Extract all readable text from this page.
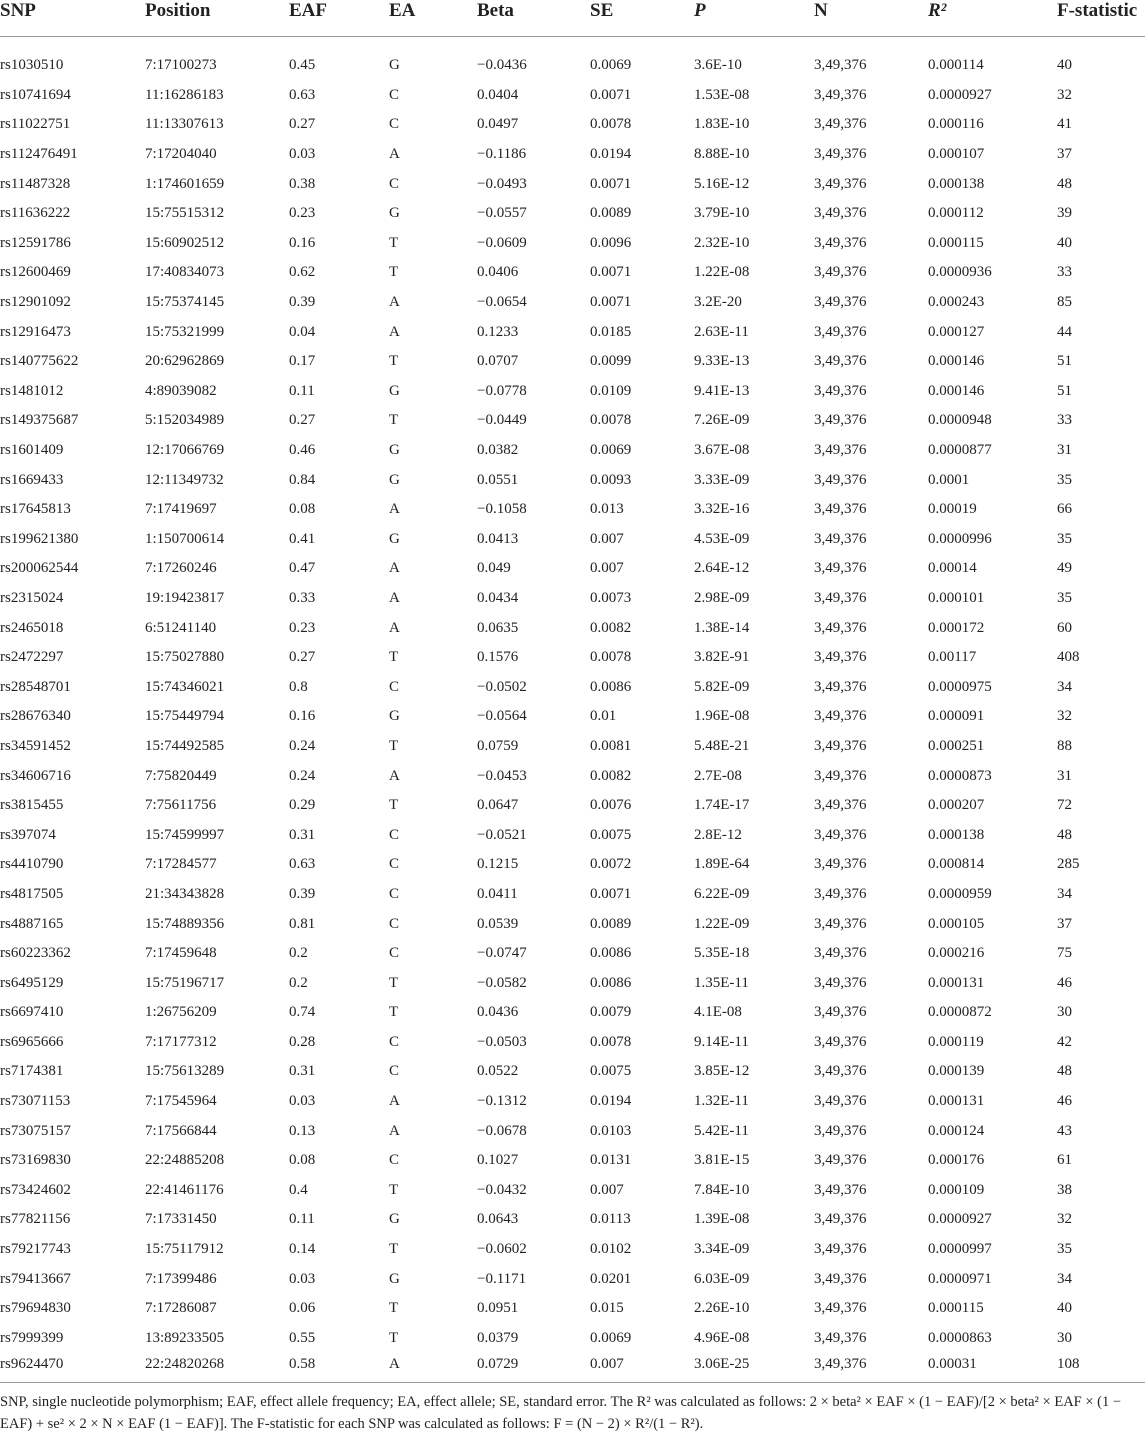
SNP	Position	EAF	EA	Beta	SE	P	N	R²	F-statistic
rs1030510	7:17100273	0.45	G	−0.0436	0.0069	3.6E-10	3,49,376	0.000114	40
rs10741694	11:16286183	0.63	C	0.0404	0.0071	1.53E-08	3,49,376	0.0000927	32
rs11022751	11:13307613	0.27	C	0.0497	0.0078	1.83E-10	3,49,376	0.000116	41
rs112476491	7:17204040	0.03	A	−0.1186	0.0194	8.88E-10	3,49,376	0.000107	37
rs11487328	1:174601659	0.38	C	−0.0493	0.0071	5.16E-12	3,49,376	0.000138	48
rs11636222	15:75515312	0.23	G	−0.0557	0.0089	3.79E-10	3,49,376	0.000112	39
rs12591786	15:60902512	0.16	T	−0.0609	0.0096	2.32E-10	3,49,376	0.000115	40
rs12600469	17:40834073	0.62	T	0.0406	0.0071	1.22E-08	3,49,376	0.0000936	33
rs12901092	15:75374145	0.39	A	−0.0654	0.0071	3.2E-20	3,49,376	0.000243	85
rs12916473	15:75321999	0.04	A	0.1233	0.0185	2.63E-11	3,49,376	0.000127	44
rs140775622	20:62962869	0.17	T	0.0707	0.0099	9.33E-13	3,49,376	0.000146	51
rs1481012	4:89039082	0.11	G	−0.0778	0.0109	9.41E-13	3,49,376	0.000146	51
rs149375687	5:152034989	0.27	T	−0.0449	0.0078	7.26E-09	3,49,376	0.0000948	33
rs1601409	12:17066769	0.46	G	0.0382	0.0069	3.67E-08	3,49,376	0.0000877	31
rs1669433	12:11349732	0.84	G	0.0551	0.0093	3.33E-09	3,49,376	0.0001	35
rs17645813	7:17419697	0.08	A	−0.1058	0.013	3.32E-16	3,49,376	0.00019	66
rs199621380	1:150700614	0.41	G	0.0413	0.007	4.53E-09	3,49,376	0.0000996	35
rs200062544	7:17260246	0.47	A	0.049	0.007	2.64E-12	3,49,376	0.00014	49
rs2315024	19:19423817	0.33	A	0.0434	0.0073	2.98E-09	3,49,376	0.000101	35
rs2465018	6:51241140	0.23	A	0.0635	0.0082	1.38E-14	3,49,376	0.000172	60
rs2472297	15:75027880	0.27	T	0.1576	0.0078	3.82E-91	3,49,376	0.00117	408
rs28548701	15:74346021	0.8	C	−0.0502	0.0086	5.82E-09	3,49,376	0.0000975	34
rs28676340	15:75449794	0.16	G	−0.0564	0.01	1.96E-08	3,49,376	0.000091	32
rs34591452	15:74492585	0.24	T	0.0759	0.0081	5.48E-21	3,49,376	0.000251	88
rs34606716	7:75820449	0.24	A	−0.0453	0.0082	2.7E-08	3,49,376	0.0000873	31
rs3815455	7:75611756	0.29	T	0.0647	0.0076	1.74E-17	3,49,376	0.000207	72
rs397074	15:74599997	0.31	C	−0.0521	0.0075	2.8E-12	3,49,376	0.000138	48
rs4410790	7:17284577	0.63	C	0.1215	0.0072	1.89E-64	3,49,376	0.000814	285
rs4817505	21:34343828	0.39	C	0.0411	0.0071	6.22E-09	3,49,376	0.0000959	34
rs4887165	15:74889356	0.81	C	0.0539	0.0089	1.22E-09	3,49,376	0.000105	37
rs60223362	7:17459648	0.2	C	−0.0747	0.0086	5.35E-18	3,49,376	0.000216	75
rs6495129	15:75196717	0.2	T	−0.0582	0.0086	1.35E-11	3,49,376	0.000131	46
rs6697410	1:26756209	0.74	T	0.0436	0.0079	4.1E-08	3,49,376	0.0000872	30
rs6965666	7:17177312	0.28	C	−0.0503	0.0078	9.14E-11	3,49,376	0.000119	42
rs7174381	15:75613289	0.31	C	0.0522	0.0075	3.85E-12	3,49,376	0.000139	48
rs73071153	7:17545964	0.03	A	−0.1312	0.0194	1.32E-11	3,49,376	0.000131	46
rs73075157	7:17566844	0.13	A	−0.0678	0.0103	5.42E-11	3,49,376	0.000124	43
rs73169830	22:24885208	0.08	C	0.1027	0.0131	3.81E-15	3,49,376	0.000176	61
rs73424602	22:41461176	0.4	T	−0.0432	0.007	7.84E-10	3,49,376	0.000109	38
rs77821156	7:17331450	0.11	G	0.0643	0.0113	1.39E-08	3,49,376	0.0000927	32
rs79217743	15:75117912	0.14	T	−0.0602	0.0102	3.34E-09	3,49,376	0.0000997	35
rs79413667	7:17399486	0.03	G	−0.1171	0.0201	6.03E-09	3,49,376	0.0000971	34
rs79694830	7:17286087	0.06	T	0.0951	0.015	2.26E-10	3,49,376	0.000115	40
rs7999399	13:89233505	0.55	T	0.0379	0.0069	4.96E-08	3,49,376	0.0000863	30
rs9624470	22:24820268	0.58	A	0.0729	0.007	3.06E-25	3,49,376	0.00031	108

SNP, single nucleotide polymorphism; EAF, effect allele frequency; EA, effect allele; SE, standard error. The R² was calculated as follows: 2 × beta² × EAF × (1 − EAF)/[2 × beta² × EAF × (1 − EAF) + se² × 2 × N × EAF (1 − EAF)]. The F-statistic for each SNP was calculated as follows: F = (N − 2) × R²/(1 − R²).
